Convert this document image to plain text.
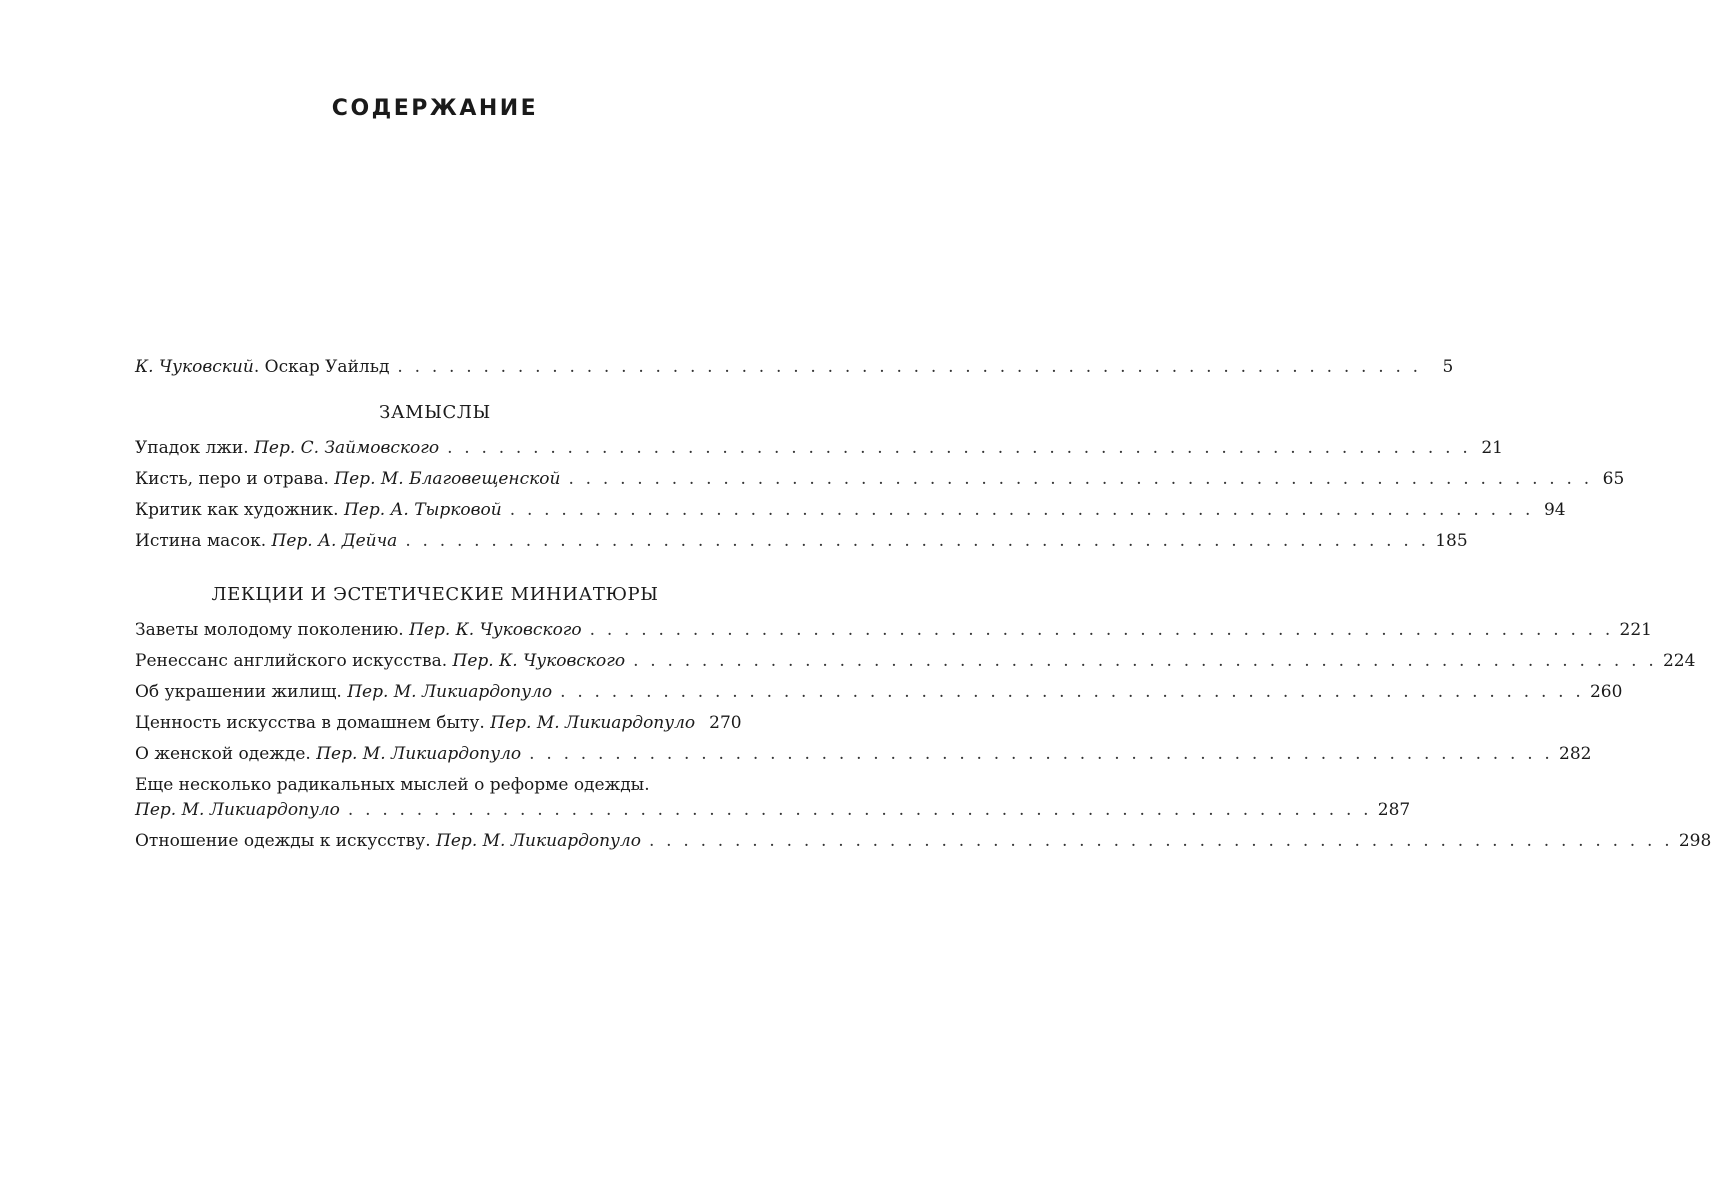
СОДЕРЖАНИЕ
К. Чуковский. Оскар Уайльд . . . . . . . . . . . . . . . . . . . . . . . . . . . . . . . . . . . . . . . . . . . . . . . . . . . . . . . . . . . .	5
ЗАМЫСЛЫ
Упадок лжи. Пер. С. Займовского . . . . . . . . . . . . . . . . . . . . . . . . . . . . . . . . . . . . . . . . . . . . . . . . . . . . . . . . . . . . 21
Кисть, перо и отрава. Пер. М. Благовещенской . . . . . . . . . . . . . . . . . . . . . . . . . . . . . . . . . . . . . . . . . . . . . . . . . . . . . . . . . . . . 65
Критик как художник. Пер. А. Тырковой . . . . . . . . . . . . . . . . . . . . . . . . . . . . . . . . . . . . . . . . . . . . . . . . . . . . . . . . . . . . 94
Истина масок. Пер. А. Дейча . . . . . . . . . . . . . . . . . . . . . . . . . . . . . . . . . . . . . . . . . . . . . . . . . . . . . . . . . . . . 185
ЛЕКЦИИ И ЭСТЕТИЧЕСКИЕ МИНИАТЮРЫ
Заветы молодому поколению. Пер. К. Чуковского . . . . . . . . . . . . . . . . . . . . . . . . . . . . . . . . . . . . . . . . . . . . . . . . . . . . . . . . . . . . 221
Ренессанс английского искусства. Пер. К. Чуковского . . . . . . . . . . . . . . . . . . . . . . . . . . . . . . . . . . . . . . . . . . . . . . . . . . . . . . . . . . . . 224
Об украшении жилищ. Пер. М. Ликиардопуло . . . . . . . . . . . . . . . . . . . . . . . . . . . . . . . . . . . . . . . . . . . . . . . . . . . . . . . . . . . . 260
Ценность искусства в домашнем быту. Пер. М. Ликиардопуло 270
О женской одежде. Пер. М. Ликиардопуло . . . . . . . . . . . . . . . . . . . . . . . . . . . . . . . . . . . . . . . . . . . . . . . . . . . . . . . . . . . . 282
Еще несколько радикальных мыслей о реформе одежды.
Пер. М. Ликиардопуло . . . . . . . . . . . . . . . . . . . . . . . . . . . . . . . . . . . . . . . . . . . . . . . . . . . . . . . . . . . . 287
Отношение одежды к искусству. Пер. М. Ликиардопуло . . . . . . . . . . . . . . . . . . . . . . . . . . . . . . . . . . . . . . . . . . . . . . . . . . . . . . . . . . . . 298
